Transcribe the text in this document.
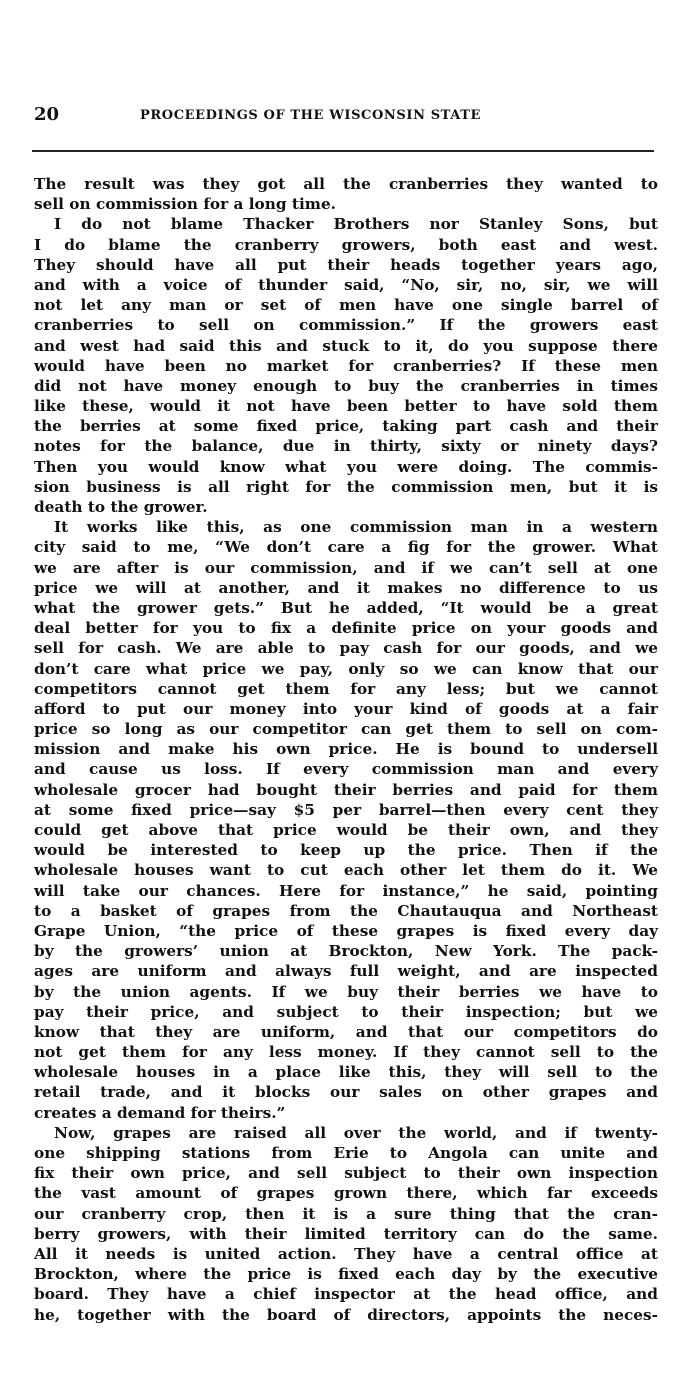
20	PROCEEDINGS OF THE WISCONSIN STATE
The result was they got all the cranberries they wanted to
sell on commission for a long time.
I do not blame Thacker Brothers nor Stanley Sons, but
I do blame the cranberry growers, both east and west.
They should have all put their heads together years ago,
and with a voice of thunder said, “No, sir, no, sir, we will
not let any man or set of men have one single barrel of
cranberries to sell on commission.” If the growers east
and west had said this and stuck to it, do you suppose there
would have been no market for cranberries? If these men
did not have money enough to buy the cranberries in times
like these, would it not have been better to have sold them
the berries at some fixed price, taking part cash and their
notes for the balance, due in thirty, sixty or ninety days?
Then you would know what you were doing. The commis-
sion business is all right for the commission men, but it is
death to the grower.
It works like this, as one commission man in a western
city said to me, “We don’t care a fig for the grower. What
we are after is our commission, and if we can’t sell at one
price we will at another, and it makes no difference to us
what the grower gets.” But he added, “It would be a great
deal better for you to fix a definite price on your goods and
sell for cash. We are able to pay cash for our goods, and we
don’t care what price we pay, only so we can know that our
competitors cannot get them for any less; but we cannot
afford to put our money into your kind of goods at a fair
price so long as our competitor can get them to sell on com-
mission and make his own price. He is bound to undersell
and cause us loss. If every commission man and every
wholesale grocer had bought their berries and paid for them
at some fixed price—say $5 per barrel—then every cent they
could get above that price would be their own, and they
would be interested to keep up the price. Then if the
wholesale houses want to cut each other let them do it. We
will take our chances. Here for instance,” he said, pointing
to a basket of grapes from the Chautauqua and Northeast
Grape Union, “the price of these grapes is fixed every day
by the growers’ union at Brockton, New York. The pack-
ages are uniform and always full weight, and are inspected
by the union agents. If we buy their berries we have to
pay their price, and subject to their inspection; but we
know that they are uniform, and that our competitors do
not get them for any less money. If they cannot sell to the
wholesale houses in a place like this, they will sell to the
retail trade, and it blocks our sales on other grapes and
creates a demand for theirs.”
Now, grapes are raised all over the world, and if twenty-
one shipping stations from Erie to Angola can unite and
fix their own price, and sell subject to their own inspection
the vast amount of grapes grown there, which far exceeds
our cranberry crop, then it is a sure thing that the cran-
berry growers, with their limited territory can do the same.
All it needs is united action. They have a central office at
Brockton, where the price is fixed each day by the executive
board. They have a chief inspector at the head office, and
he, together with the board of directors, appoints the neces-
